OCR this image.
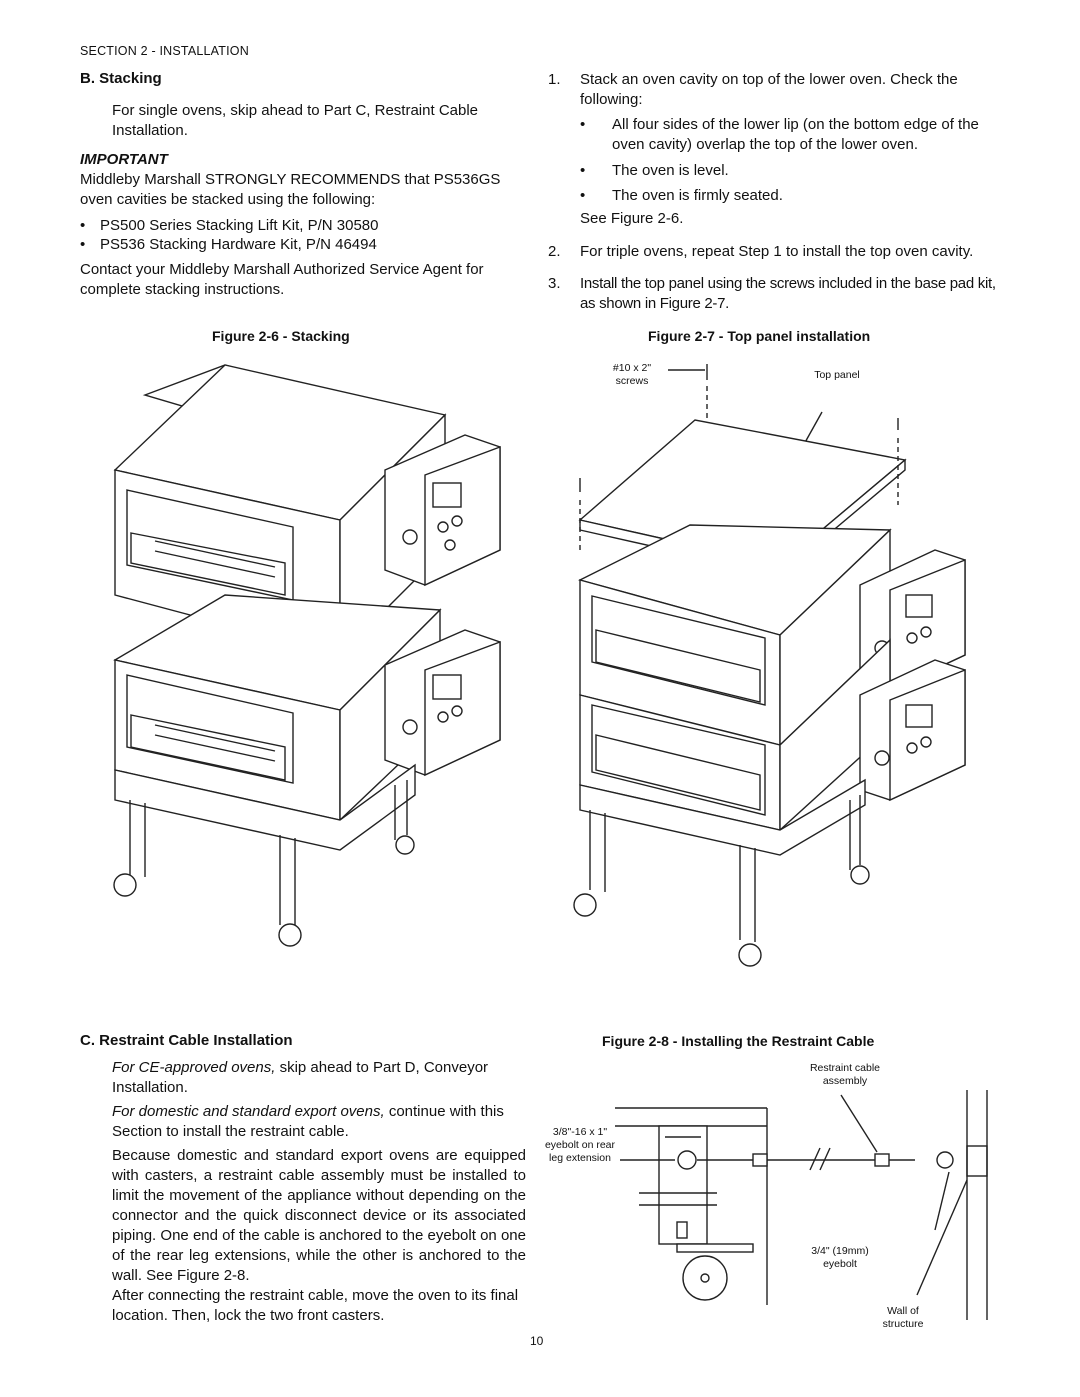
SECTION 2 - INSTALLATION
B. Stacking

For single ovens, skip ahead to Part C, Restraint Cable Installation.

IMPORTANT

Middleby Marshall STRONGLY RECOMMENDS that PS536GS oven cavities be stacked using the following:

• PS500 Series Stacking Lift Kit, P/N 30580
• PS536 Stacking Hardware Kit, P/N 46494

Contact your Middleby Marshall Authorized Service Agent for complete stacking instructions.

1. Stack an oven cavity on top of the lower oven. Check the following:

• All four sides of the lower lip (on the bottom edge of the oven cavity) overlap the top of the lower oven.
• The oven is level.
• The oven is firmly seated.

See Figure 2-6.

2. For triple ovens, repeat Step 1 to install the top oven cavity.

3. Install the top panel using the screws included in the base pad kit, as shown in Figure 2-7.

Figure 2-6 - Stacking	Figure 2-7 - Top panel installation
#10 x 2" screws	Top panel
C. Restraint Cable Installation

For CE-approved ovens, skip ahead to Part D, Conveyor Installation.

For domestic and standard export ovens, continue with this Section to install the restraint cable.

Because domestic and standard export ovens are equipped with casters, a restraint cable assembly must be installed to limit the movement of the appliance without depending on the connector and the quick disconnect device or its associated piping. One end of the cable is anchored to the eyebolt on one of the rear leg extensions, while the other is anchored to the wall. See Figure 2-8.

After connecting the restraint cable, move the oven to its final location. Then, lock the two front casters.

Figure 2-8 - Installing the Restraint Cable
Restraint cable assembly
3/8"-16 x 1" eyebolt on rear leg extension
3/4" (19mm) eyebolt
Wall of structure
10
